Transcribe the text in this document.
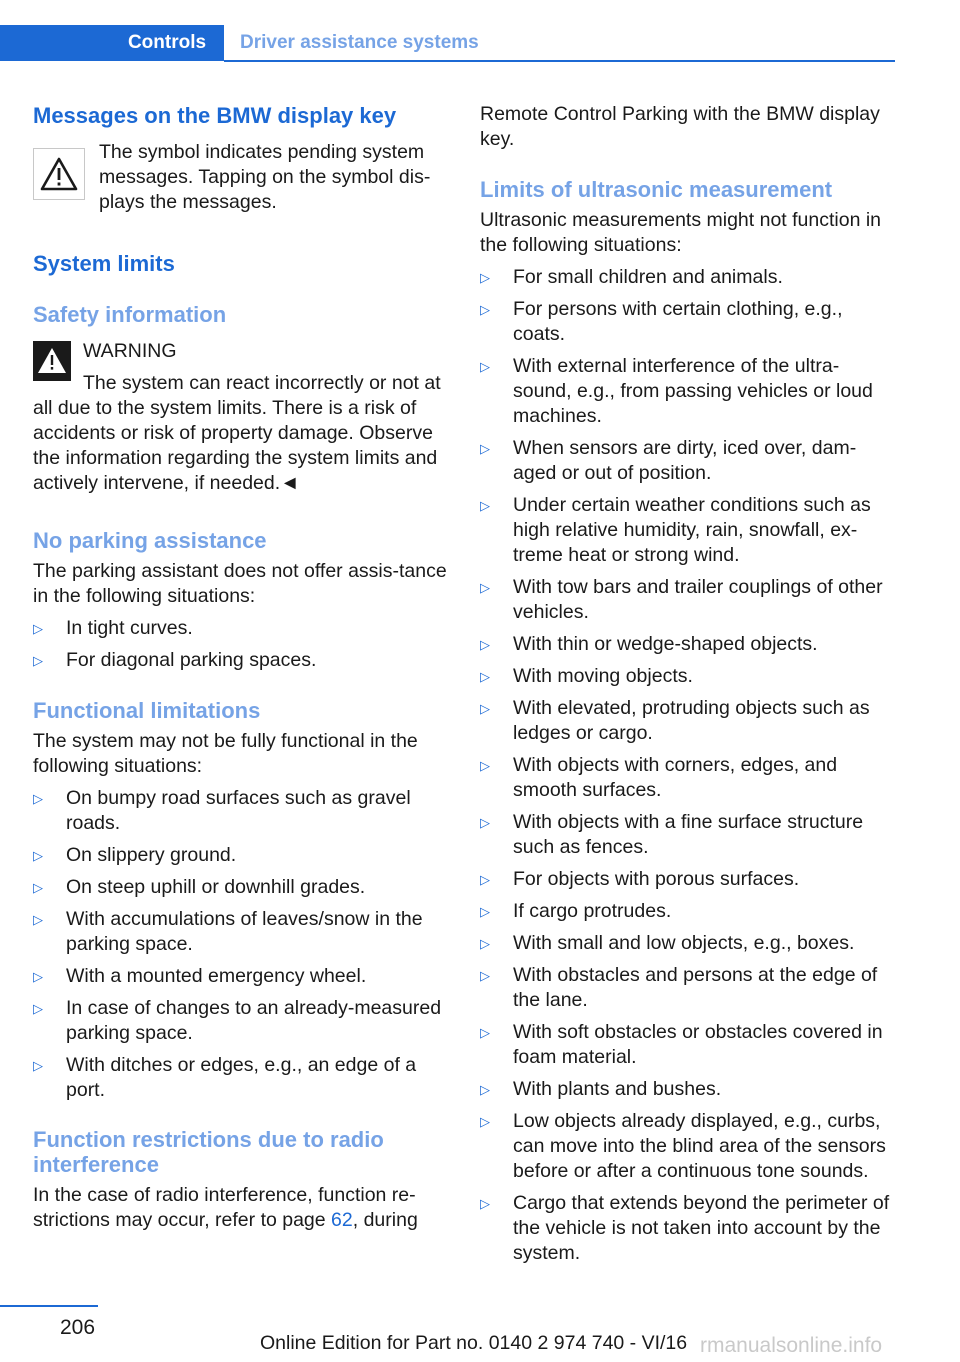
Controls Driver assistance systems
Messages on the BMW display key

The symbol indicates pending system messages. Tapping on the symbol dis‐plays the messages.

System limits
Safety information

WARNING

The system can react incorrectly or not at all due to the system limits. There is a risk of accidents or risk of property damage. Observe the information regarding the system limits and actively intervene, if needed.◄

No parking assistance

The parking assistant does not offer assis‐tance in the following situations:

▷ In tight curves.
▷ For diagonal parking spaces.
Functional limitations

The system may not be fully functional in the following situations:

▷ On bumpy road surfaces such as gravel roads.
▷ On slippery ground.
▷ On steep uphill or downhill grades.
▷ With accumulations of leaves/snow in the parking space.
▷ With a mounted emergency wheel.
▷ In case of changes to an already-measured parking space.
▷ With ditches or edges, e.g., an edge of a port.
Function restrictions due to radio interference

In the case of radio interference, function re‐strictions may occur, refer to page 62, during

Remote Control Parking with the BMW display key.

Limits of ultrasonic measurement

Ultrasonic measurements might not function in the following situations:

▷ For small children and animals.
▷ For persons with certain clothing, e.g., coats.
▷ With external interference of the ultra‐sound, e.g., from passing vehicles or loud machines.
▷ When sensors are dirty, iced over, dam‐aged or out of position.
▷ Under certain weather conditions such as high relative humidity, rain, snowfall, ex‐treme heat or strong wind.
▷ With tow bars and trailer couplings of other vehicles.
▷ With thin or wedge-shaped objects.
▷ With moving objects.
▷ With elevated, protruding objects such as ledges or cargo.
▷ With objects with corners, edges, and smooth surfaces.
▷ With objects with a fine surface structure such as fences.
▷ For objects with porous surfaces.
▷ If cargo protrudes.
▷ With small and low objects, e.g., boxes.
▷ With obstacles and persons at the edge of the lane.
▷ With soft obstacles or obstacles covered in foam material.
▷ With plants and bushes.
▷ Low objects already displayed, e.g., curbs, can move into the blind area of the sensors before or after a continuous tone sounds.
▷ Cargo that extends beyond the perimeter of the vehicle is not taken into account by the system.
206
Online Edition for Part no. 0140 2 974 740 - VI/16 rmanualsonline.info
